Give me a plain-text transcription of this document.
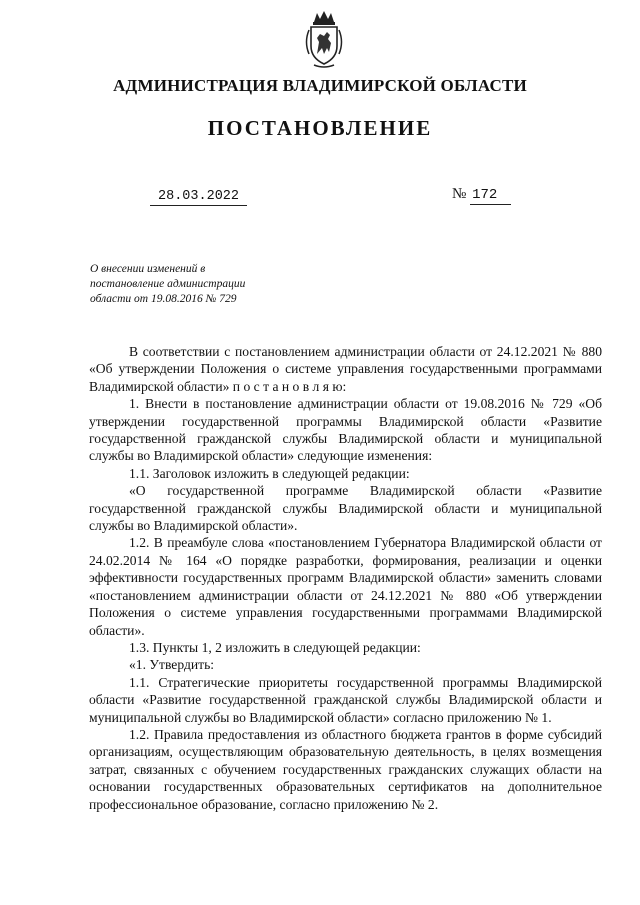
АДМИНИСТРАЦИЯ ВЛАДИМИРСКОЙ ОБЛАСТИ
ПОСТАНОВЛЕНИЕ
28.03.2022	№ 172
О внесении изменений в
постановление администрации
области от 19.08.2016 № 729

В соответствии с постановлением администрации области от 24.12.2021 № 880 «Об утверждении Положения о системе управления государственными программами Владимирской области» п о с т а н о в л я ю:

1. Внести в постановление администрации области от 19.08.2016 № 729 «Об утверждении государственной программы Владимирской области «Развитие государственной гражданской службы Владимирской области и муниципальной службы во Владимирской области» следующие изменения:

1.1. Заголовок изложить в следующей редакции:

«О государственной программе Владимирской области «Развитие государственной гражданской службы Владимирской области и муниципальной службы во Владимирской области».

1.2. В преамбуле слова «постановлением Губернатора Владимирской области от 24.02.2014 № 164 «О порядке разработки, формирования, реализации и оценки эффективности государственных программ Владимирской области» заменить словами «постановлением администрации области от 24.12.2021 № 880 «Об утверждении Положения о системе управления государственными программами Владимирской области».

1.3. Пункты 1, 2 изложить в следующей редакции:

«1. Утвердить:

1.1. Стратегические приоритеты государственной программы Владимирской области «Развитие государственной гражданской службы Владимирской области и муниципальной службы во Владимирской области» согласно приложению № 1.

1.2. Правила предоставления из областного бюджета грантов в форме субсидий организациям, осуществляющим образовательную деятельность, в целях возмещения затрат, связанных с обучением государственных гражданских служащих области на основании государственных образовательных сертификатов на дополнительное профессиональное образование, согласно приложению № 2.
